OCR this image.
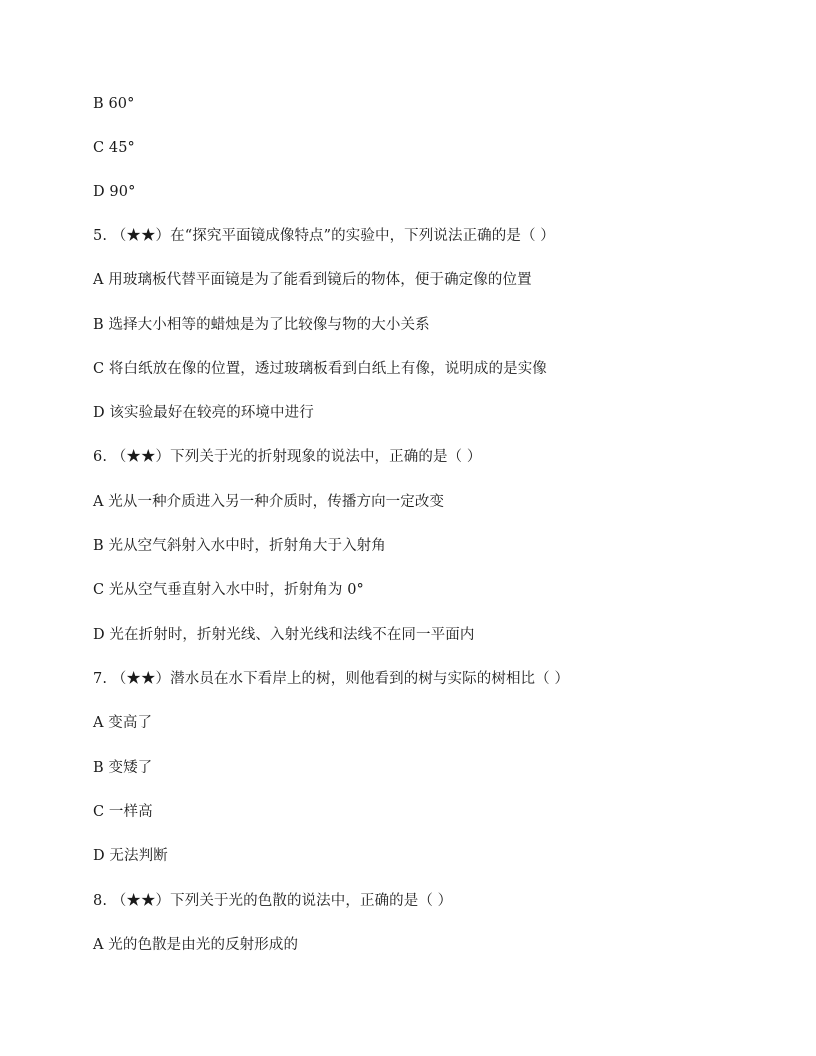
B 60°
C 45°
D 90°
5. （★★）在“探究平面镜成像特点”的实验中，下列说法正确的是（ ）
A 用玻璃板代替平面镜是为了能看到镜后的物体，便于确定像的位置
B 选择大小相等的蜡烛是为了比较像与物的大小关系
C 将白纸放在像的位置，透过玻璃板看到白纸上有像，说明成的是实像
D 该实验最好在较亮的环境中进行
6. （★★）下列关于光的折射现象的说法中，正确的是（ ）
A 光从一种介质进入另一种介质时，传播方向一定改变
B 光从空气斜射入水中时，折射角大于入射角
C 光从空气垂直射入水中时，折射角为 0°
D 光在折射时，折射光线、入射光线和法线不在同一平面内
7. （★★）潜水员在水下看岸上的树，则他看到的树与实际的树相比（ ）
A 变高了
B 变矮了
C 一样高
D 无法判断
8. （★★）下列关于光的色散的说法中，正确的是（ ）
A 光的色散是由光的反射形成的
